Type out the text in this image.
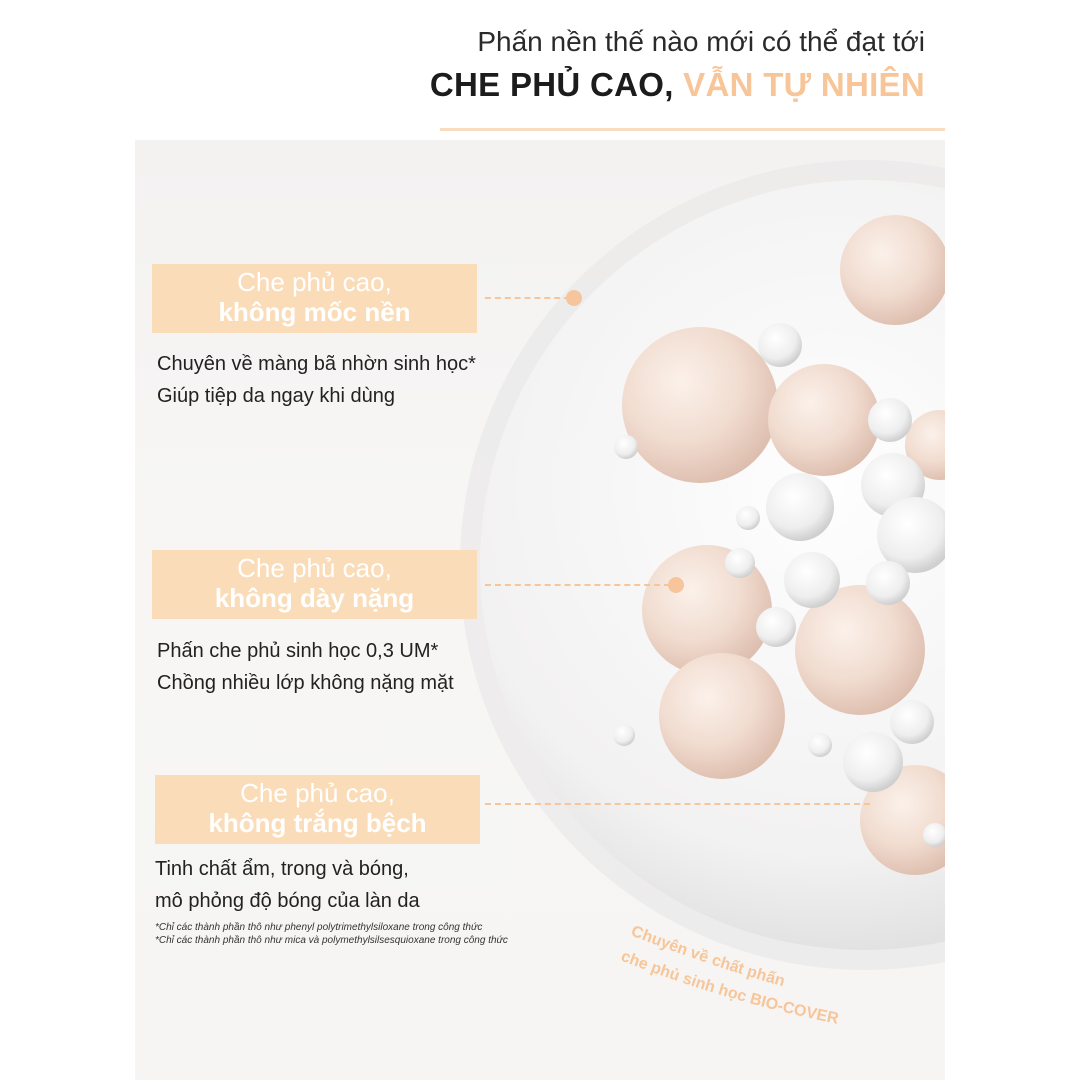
Chuyên về chất phấn
che phủ sinh học BIO-COVER
Phấn nền thế nào mới có thể đạt tới
CHE PHỦ CAO, VẪN TỰ NHIÊN
Che phủ cao,
không mốc nền
Chuyên về màng bã nhờn sinh học*
Giúp tiệp da ngay khi dùng
Che phủ cao,
không dày nặng
Phấn che phủ sinh học 0,3 UM*
Chồng nhiều lớp không nặng mặt
Che phủ cao,
không trắng bệch
Tinh chất ẩm, trong và bóng,
mô phỏng độ bóng của làn da
*Chỉ các thành phần thô như phenyl polytrimethylsiloxane trong công thức
*Chỉ các thành phần thô như mica và polymethylsilsesquioxane trong công thức
